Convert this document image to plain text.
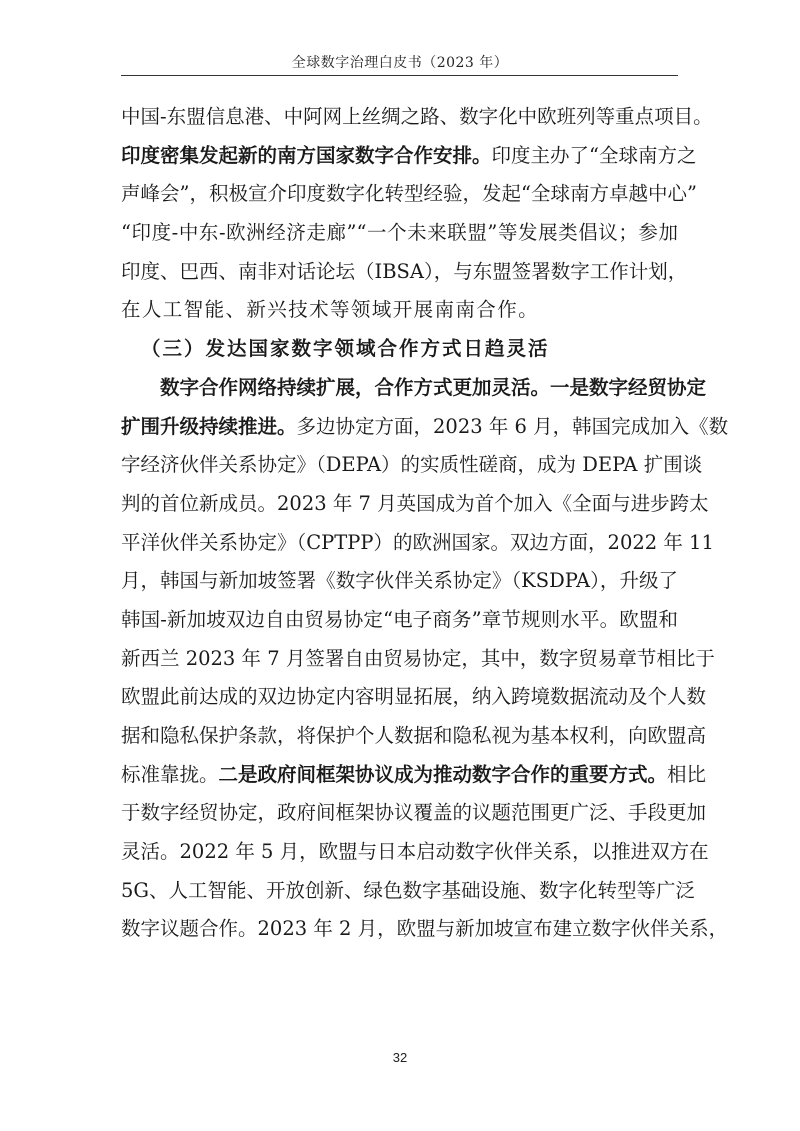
全球数字治理白皮书（2023 年）
中国-东盟信息港、中阿网上丝绸之路、数字化中欧班列等重点项目。
印度密集发起新的南方国家数字合作安排。印度主办了“全球南方之
声峰会”，积极宣介印度数字化转型经验，发起“全球南方卓越中心”
“印度-中东-欧洲经济走廊”“一个未来联盟”等发展类倡议；参加
印度、巴西、南非对话论坛（IBSA），与东盟签署数字工作计划，
在人工智能、新兴技术等领域开展南南合作。
（三）发达国家数字领域合作方式日趋灵活
数字合作网络持续扩展，合作方式更加灵活。一是数字经贸协定
扩围升级持续推进。多边协定方面，2023 年 6 月，韩国完成加入《数
字经济伙伴关系协定》（DEPA）的实质性磋商，成为 DEPA 扩围谈
判的首位新成员。2023 年 7 月英国成为首个加入《全面与进步跨太
平洋伙伴关系协定》（CPTPP）的欧洲国家。双边方面，2022 年 11
月，韩国与新加坡签署《数字伙伴关系协定》（KSDPA），升级了
韩国-新加坡双边自由贸易协定“电子商务”章节规则水平。欧盟和
新西兰 2023 年 7 月签署自由贸易协定，其中，数字贸易章节相比于
欧盟此前达成的双边协定内容明显拓展，纳入跨境数据流动及个人数
据和隐私保护条款，将保护个人数据和隐私视为基本权利，向欧盟高
标准靠拢。二是政府间框架协议成为推动数字合作的重要方式。相比
于数字经贸协定，政府间框架协议覆盖的议题范围更广泛、手段更加
灵活。2022 年 5 月，欧盟与日本启动数字伙伴关系，以推进双方在
5G、人工智能、开放创新、绿色数字基础设施、数字化转型等广泛
数字议题合作。2023 年 2 月，欧盟与新加坡宣布建立数字伙伴关系，
32
